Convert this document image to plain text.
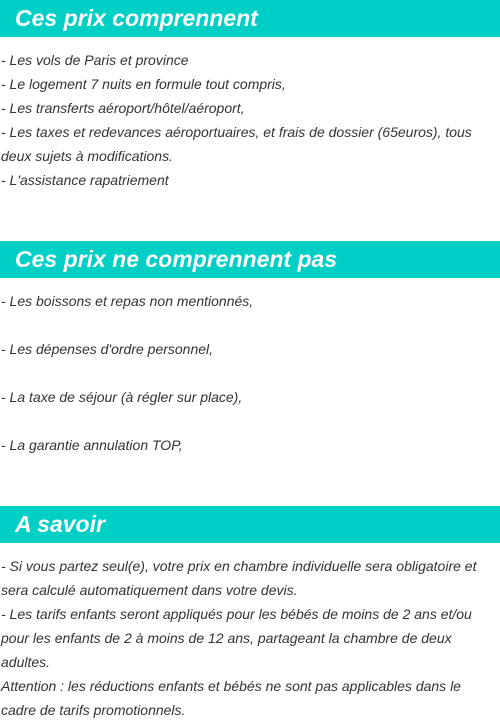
Ces prix comprennent

- Les vols de Paris et province

- Le logement 7 nuits en formule tout compris,

- Les transferts aéroport/hôtel/aéroport,

- Les taxes et redevances aéroportuaires, et frais de dossier (65euros), tous deux sujets à modifications.

- L'assistance rapatriement

Ces prix ne comprennent pas

- Les boissons et repas non mentionnés,

- Les dépenses d'ordre personnel,

- La taxe de séjour (à régler sur place),

- La garantie annulation TOP,

A savoir

- Si vous partez seul(e), votre prix en chambre individuelle sera obligatoire et sera calculé automatiquement dans votre devis.

- Les tarifs enfants seront appliqués pour les bébés de moins de 2 ans et/ou pour les enfants de 2 à moins de 12 ans, partageant la chambre de deux adultes.

Attention : les réductions enfants et bébés ne sont pas applicables dans le cadre de tarifs promotionnels.
